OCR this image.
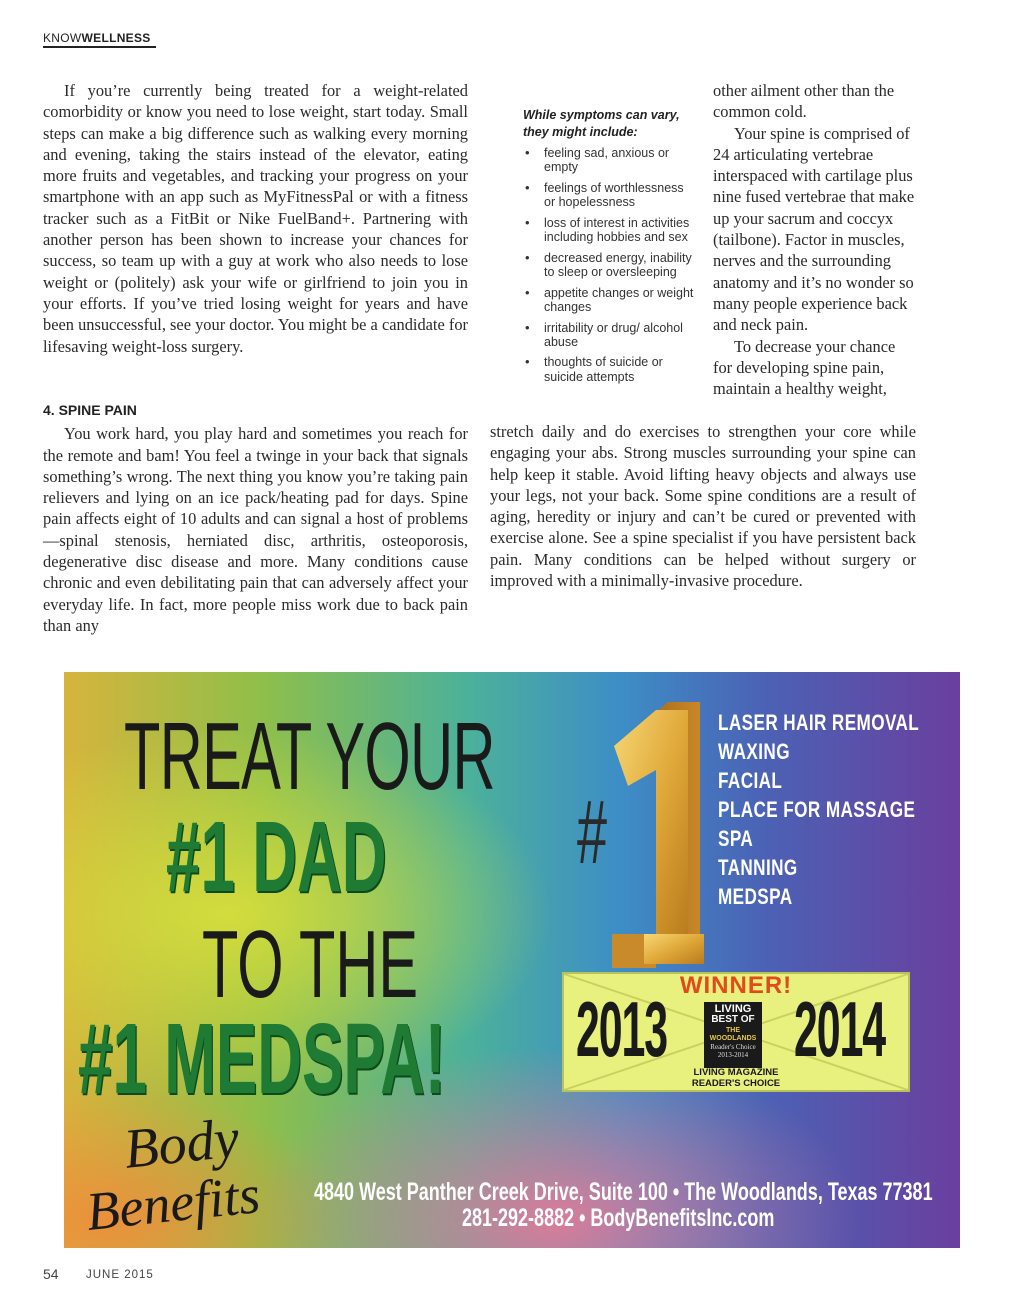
KNOWWELLNESS

If you’re currently being treated for a weight-related comorbidity or know you need to lose weight, start today. Small steps can make a big difference such as walking every morning and evening, taking the stairs instead of the elevator, eating more fruits and vegetables, and tracking your progress on your smartphone with an app such as MyFitnessPal or with a fitness tracker such as a FitBit or Nike FuelBand+. Partnering with another person has been shown to increase your chances for success, so team up with a guy at work who also needs to lose weight or (politely) ask your wife or girlfriend to join you in your efforts. If you’ve tried losing weight for years and have been unsuccessful, see your doctor. You might be a candidate for lifesaving weight-loss surgery.

4. SPINE PAIN

You work hard, you play hard and sometimes you reach for the remote and bam! You feel a twinge in your back that signals something’s wrong. The next thing you know you’re taking pain relievers and lying on an ice pack/heating pad for days. Spine pain affects eight of 10 adults and can signal a host of problems—spinal stenosis, herniated disc, arthritis, osteoporosis, degenerative disc disease and more. Many conditions cause chronic and even debilitating pain that can adversely affect your everyday life. In fact, more people miss work due to back pain than any

While symptoms can vary,
they might include:
• feeling sad, anxious or empty
• feelings of worthlessness or hopelessness
• loss of interest in activities including hobbies and sex
• decreased energy, inability to sleep or oversleeping
• appetite changes or weight changes
• irritability or drug/ alcohol abuse
• thoughts of suicide or suicide attempts

other ailment other than the common cold.

Your spine is comprised of 24 articulating vertebrae interspaced with cartilage plus nine fused vertebrae that make up your sacrum and coccyx (tailbone). Factor in muscles, nerves and the surrounding anatomy and it’s no wonder so many people experience back and neck pain.

To decrease your chance for developing spine pain, maintain a healthy weight,

stretch daily and do exercises to strengthen your core while engaging your abs. Strong muscles surrounding your spine can help keep it stable. Avoid lifting heavy objects and always use your legs, not your back. Some spine conditions are a result of aging, heredity or injury and can’t be cured or prevented with exercise alone. See a spine specialist if you have persistent back pain. Many conditions can be helped without surgery or improved with a minimally-invasive procedure.

TREAT YOUR
#1 DAD
TO THE
#1 MEDSPA!
#
LASER HAIR REMOVAL
WAXING
FACIAL
PLACE FOR MASSAGE
SPA
TANNING
MEDSPA
WINNER!
2013 2014
LIVING
BEST OF
THE
WOODLANDS
Reader's Choice
2013-2014
LIVING MAGAZINE
READER'S CHOICE
Body
Benefits 4840 West Panther Creek Drive, Suite 100 • The Woodlands, Texas 77381
281-292-8882 • BodyBenefitsInc.com
54 JUNE 2015
